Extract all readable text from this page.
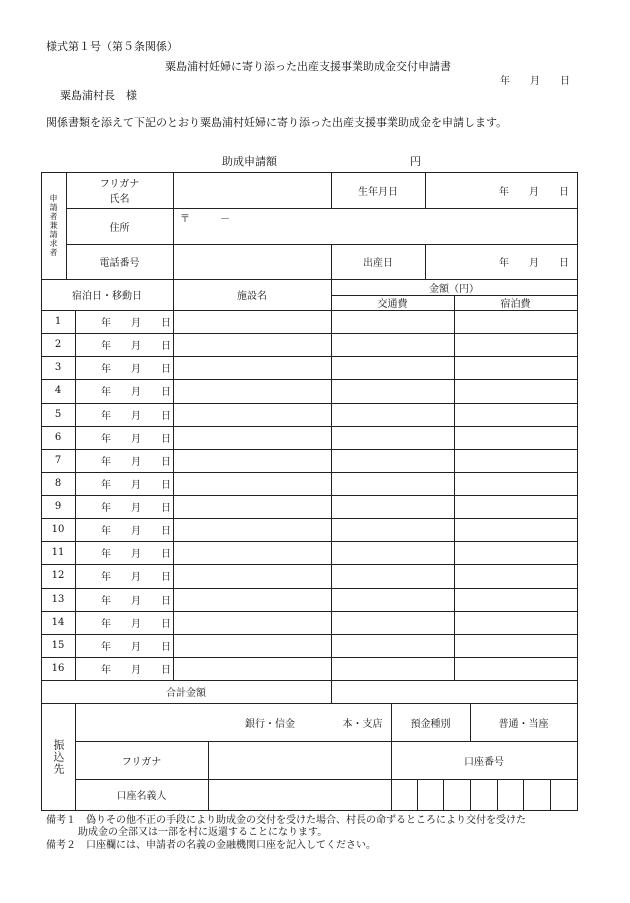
様式第１号（第５条関係）
粟島浦村妊婦に寄り添った出産支援事業助成金交付申請書
年　　月　　日
粟島浦村長　様
関係書類を添えて下記のとおり粟島浦村妊婦に寄り添った出産支援事業助成金を申請します。
助成申請額	円
申請者兼請求者
フリガナ
氏名
生年月日	年　　月　　日
住所
〒　　　－
電話番号	出産日	年　　月　　日
宿泊日・移動日	施設名
金額（円）
交通費	宿泊費
1	年　　月　　日
2	年　　月　　日
3	年　　月　　日
4	年　　月　　日
5	年　　月　　日
6	年　　月　　日
7	年　　月　　日
8	年　　月　　日
9	年　　月　　日
10	年　　月　　日
11	年　　月　　日
12	年　　月　　日
13	年　　月　　日
14	年　　月　　日
15	年　　月　　日
16	年　　月　　日
合計金額
振込先
銀行・信金	本・支店	預金種別	普通・当座
フリガナ	口座番号
口座名義人
備考１　偽りその他不正の手段により助成金の交付を受けた場合、村長の命ずるところにより交付を受けた
助成金の全部又は一部を村に返還することになります。
備考２　口座欄には、申請者の名義の金融機関口座を記入してください。
